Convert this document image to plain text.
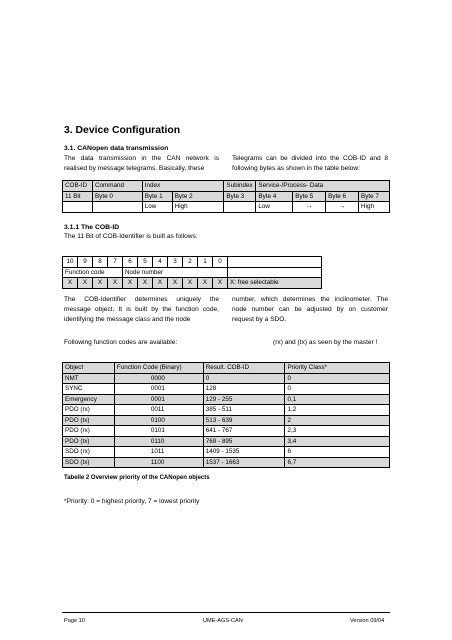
3. Device Configuration
3.1. CANopen data transmission
The data transmission in the CAN network is realised by message telegrams. Basically, these
Telegrams can be divided into the COB-ID and 8 following bytes as shown in the table below:
COB-ID	Command	Index		Subindex	Service-/Process- Data			
11 Bit	Byte 0	Byte 1	Byte 2	Byte 3	Byte 4	Byte 5	Byte 6	Byte 7
		Low	High		Low	→	→	High
3.1.1 The COB-ID
The 11 Bit of COB-Identifier is built as follows:
10	9	8	7	6	5	4	3	2	1	0	
Function code				Node number							
X	X	X	X	X	X	X	X	X	X	X	X: free selectable
The COB-Identifier determines uniquely the message object. It is built by the function code, identifying the message class and the node
number, which determines the inclinometer. The node number can be adjusted by on customer request by a SDO.
Following function codes are available:	(rx) and (tx) as seen by the master !
Object	Function Code (Binary)	Result. COB-ID	Priority Class*
NMT	0000	0	0
SYNC	0001	128	0
Emergency	0001	129 - 255	0,1
PDO (rx)	0011	385 - 511	1,2
PDO (tx)	0100	513 - 639	2
PDO (rx)	0101	641 - 767	2,3
PDO (tx)	0110	769 - 895	3,4
SDO (rx)	1011	1409 - 1535	6
SDO (tx)	1100	1537 - 1663	6,7
Tabelle 2 Overview priority of the CANopen objects
*Priority: 0 = highest priority, 7 = lowest priority
Page 10	UME-AGS-CAN	Version 09/04
